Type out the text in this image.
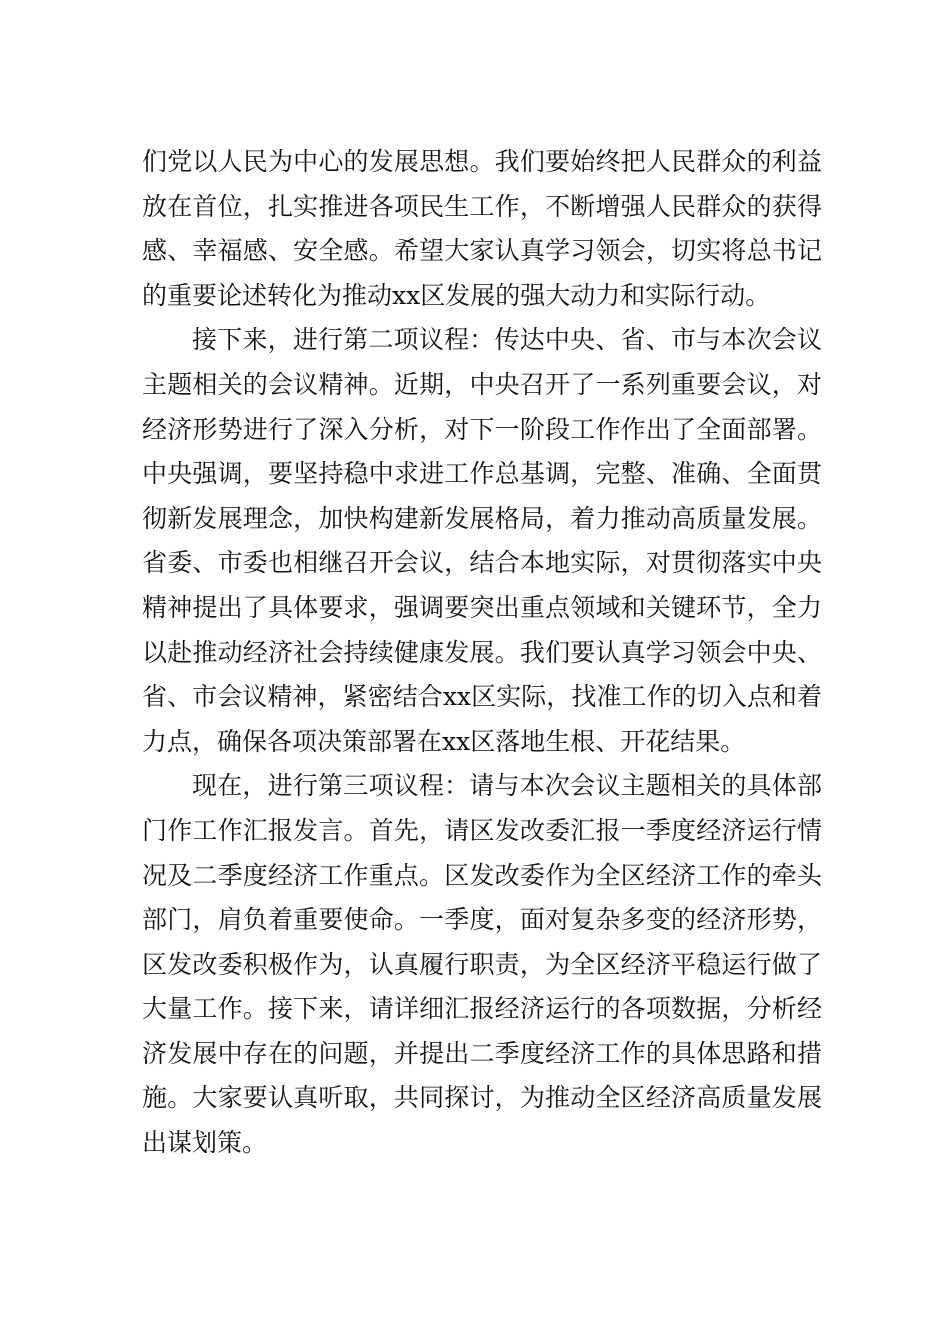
们党以人民为中心的发展思想。我们要始终把人民群众的利益
放在首位，扎实推进各项民生工作，不断增强人民群众的获得
感、幸福感、安全感。希望大家认真学习领会，切实将总书记
的重要论述转化为推动xx区发展的强大动力和实际行动。
接下来，进行第二项议程：传达中央、省、市与本次会议
主题相关的会议精神。近期，中央召开了一系列重要会议，对
经济形势进行了深入分析，对下一阶段工作作出了全面部署。
中央强调，要坚持稳中求进工作总基调，完整、准确、全面贯
彻新发展理念，加快构建新发展格局，着力推动高质量发展。
省委、市委也相继召开会议，结合本地实际，对贯彻落实中央
精神提出了具体要求，强调要突出重点领域和关键环节，全力
以赴推动经济社会持续健康发展。我们要认真学习领会中央、
省、市会议精神，紧密结合xx区实际，找准工作的切入点和着
力点，确保各项决策部署在xx区落地生根、开花结果。
现在，进行第三项议程：请与本次会议主题相关的具体部
门作工作汇报发言。首先，请区发改委汇报一季度经济运行情
况及二季度经济工作重点。区发改委作为全区经济工作的牵头
部门，肩负着重要使命。一季度，面对复杂多变的经济形势，
区发改委积极作为，认真履行职责，为全区经济平稳运行做了
大量工作。接下来，请详细汇报经济运行的各项数据，分析经
济发展中存在的问题，并提出二季度经济工作的具体思路和措
施。大家要认真听取，共同探讨，为推动全区经济高质量发展
出谋划策。
